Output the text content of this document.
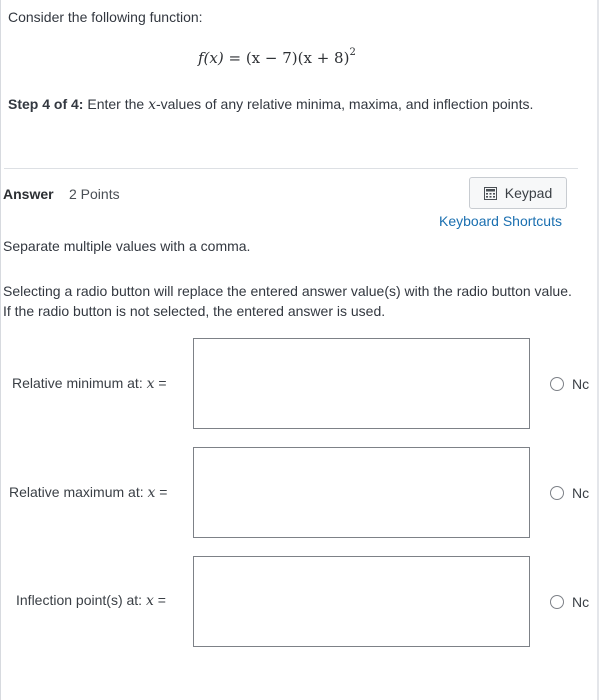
Consider the following function:
$f(x) = (x - 7)(x + 8)^2$
Step 4 of 4: Enter the x-values of any relative minima, maxima, and inflection points.
Answer 2 Points	Keypad
Keyboard Shortcuts
Separate multiple values with a comma.
Selecting a radio button will replace the entered answer value(s) with the radio button value. If the radio button is not selected, the entered answer is used.
Relative minimum at: x =	Nc
Relative maximum at: x =	Nc
Inflection point(s) at: x =	Nc
